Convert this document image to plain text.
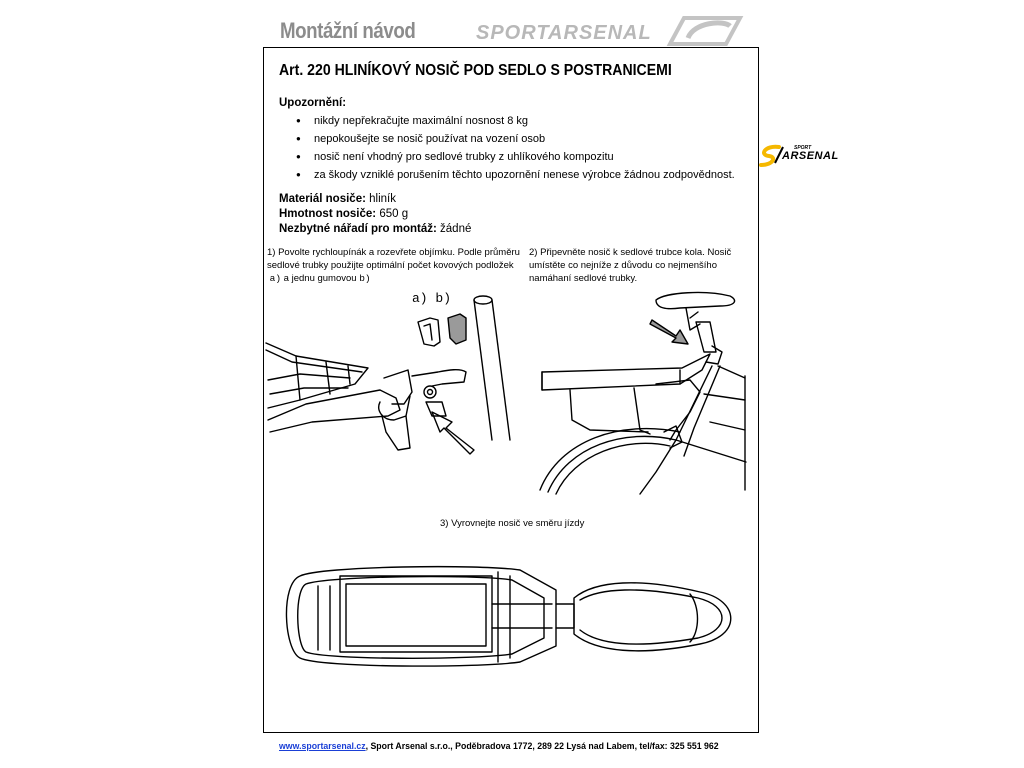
Montážní návod	SPORTARSENAL
SPORT
ARSENAL
Art. 220 HLINÍKOVÝ NOSIČ POD SEDLO S POSTRANICEMI
Upozornění:
● nikdy nepřekračujte maximální nosnost 8 kg
● nepokoušejte se nosič používat na vození osob
● nosič není vhodný pro sedlové trubky z uhlíkového kompozitu
● za škody vzniklé porušením těchto upozornění nenese výrobce žádnou zodpovědnost.
Materiál nosiče: hliník
Hmotnost nosiče: 650 g
Nezbytné nářadí pro montáž: žádné
1) Povolte rychloupínák a rozevřete objímku. Podle průměru
sedlové trubky použijte optimální počet kovových podložek
a) a jednu gumovou b)
2) Připevněte nosič k sedlové trubce kola. Nosič
umístěte co nejníže z důvodu co nejmenšího
namáhaní sedlové trubky.
a) b)
3) Vyrovnejte nosič ve směru jízdy
www.sportarsenal.cz, Sport Arsenal s.r.o., Poděbradova 1772, 289 22 Lysá nad Labem, tel/fax: 325 551 962
